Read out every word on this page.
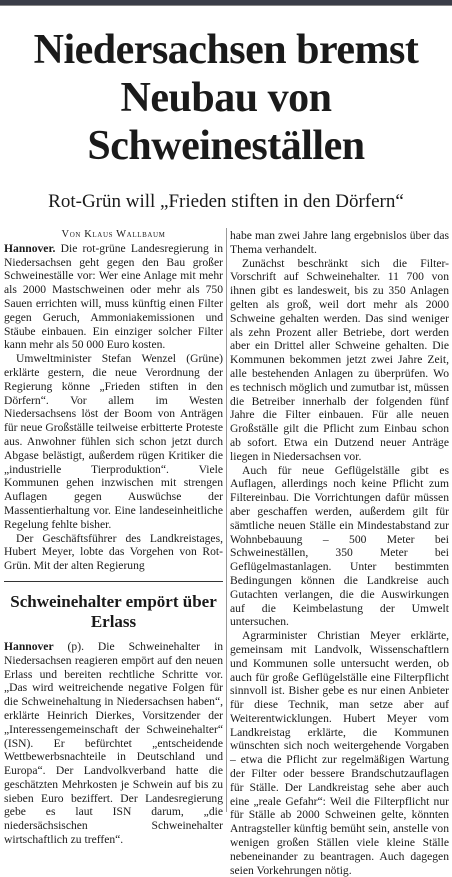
Niedersachsen bremst Neubau von Schweineställen

Rot-Grün will „Frieden stiften in den Dörfern“

Von Klaus Wallbaum

Hannover. Die rot-grüne Landesregierung in Niedersachsen geht gegen den Bau großer Schweineställe vor: Wer eine Anlage mit mehr als 2000 Mastschweinen oder mehr als 750 Sauen errichten will, muss künftig einen Filter gegen Geruch, Ammoniakemissionen und Stäube einbauen. Ein einziger solcher Filter kann mehr als 50 000 Euro kosten.

Umweltminister Stefan Wenzel (Grüne) erklärte gestern, die neue Verordnung der Regierung könne „Frieden stiften in den Dörfern“. Vor allem im Westen Niedersachsens löst der Boom von Anträgen für neue Großställe teilweise erbitterte Proteste aus. Anwohner fühlen sich schon jetzt durch Abgase belästigt, außerdem rügen Kritiker die „industrielle Tierproduktion“. Viele Kommunen gehen inzwischen mit strengen Auflagen gegen Auswüchse der Massentierhaltung vor. Eine landeseinheitliche Regelung fehlte bisher.

Der Geschäftsführer des Landkreistages, Hubert Meyer, lobte das Vorgehen von Rot-Grün. Mit der alten Regierung

Schweinehalter empört über Erlass

Hannover (p). Die Schweinehalter in Niedersachsen reagieren empört auf den neuen Erlass und bereiten rechtliche Schritte vor. „Das wird weitreichende negative Folgen für die Schweinehaltung in Niedersachsen haben“, erklärte Heinrich Dierkes, Vorsitzender der „Interessengemeinschaft der Schweinehalter“ (ISN). Er befürchtet „entscheidende Wettbewerbsnachteile in Deutschland und Europa“. Der Landvolkverband hatte die geschätzten Mehrkosten je Schwein auf bis zu sieben Euro beziffert. Der Landesregierung gebe es laut ISN darum, „die niedersächsischen Schweinehalter wirtschaftlich zu treffen“.

habe man zwei Jahre lang ergebnislos über das Thema verhandelt.

Zunächst beschränkt sich die Filter-Vorschrift auf Schweinehalter. 11 700 von ihnen gibt es landesweit, bis zu 350 Anlagen gelten als groß, weil dort mehr als 2000 Schweine gehalten werden. Das sind weniger als zehn Prozent aller Betriebe, dort werden aber ein Drittel aller Schweine gehalten. Die Kommunen bekommen jetzt zwei Jahre Zeit, alle bestehenden Anlagen zu überprüfen. Wo es technisch möglich und zumutbar ist, müssen die Betreiber innerhalb der folgenden fünf Jahre die Filter einbauen. Für alle neuen Großställe gilt die Pflicht zum Einbau schon ab sofort. Etwa ein Dutzend neuer Anträge liegen in Niedersachsen vor.

Auch für neue Geflügelställe gibt es Auflagen, allerdings noch keine Pflicht zum Filtereinbau. Die Vorrichtungen dafür müssen aber geschaffen werden, außerdem gilt für sämtliche neuen Ställe ein Mindestabstand zur Wohnbebauung – 500 Meter bei Schweineställen, 350 Meter bei Geflügelmastanlagen. Unter bestimmten Bedingungen können die Landkreise auch Gutachten verlangen, die die Auswirkungen auf die Keimbelastung der Umwelt untersuchen.

Agrarminister Christian Meyer erklärte, gemeinsam mit Landvolk, Wissenschaftlern und Kommunen solle untersucht werden, ob auch für große Geflügelställe eine Filterpflicht sinnvoll ist. Bisher gebe es nur einen Anbieter für diese Technik, man setze aber auf Weiterentwicklungen. Hubert Meyer vom Landkreistag erklärte, die Kommunen wünschten sich noch weitergehende Vorgaben – etwa die Pflicht zur regelmäßigen Wartung der Filter oder bessere Brandschutzauflagen für Ställe. Der Landkreistag sehe aber auch eine „reale Gefahr“: Weil die Filterpflicht nur für Ställe ab 2000 Schweinen gelte, könnten Antragsteller künftig bemüht sein, anstelle von wenigen großen Ställen viele kleine Ställe nebeneinander zu beantragen. Auch dagegen seien Vorkehrungen nötig.
